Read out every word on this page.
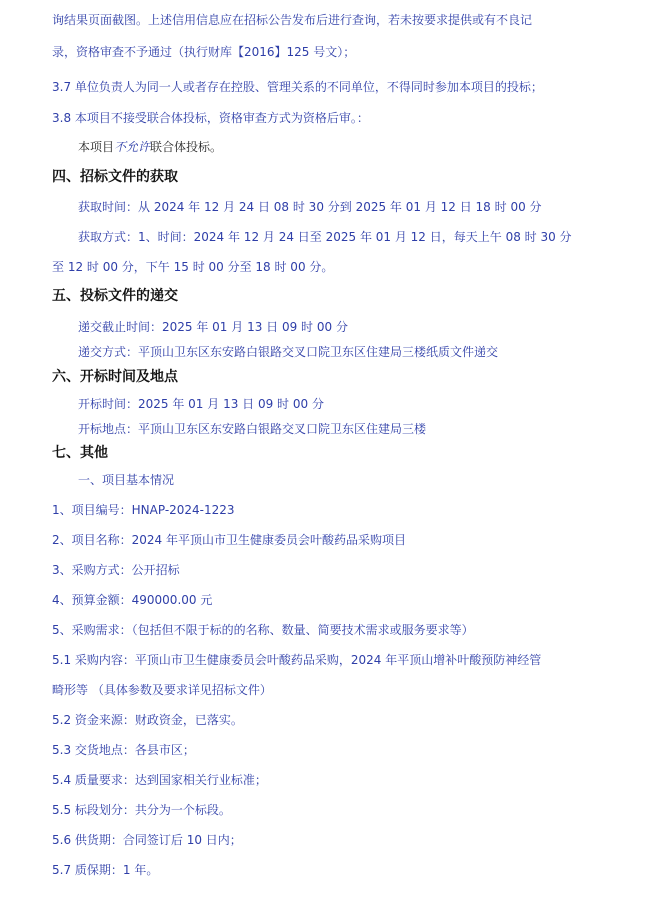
询结果页面截图。上述信用信息应在招标公告发布后进行查询，若未按要求提供或有不良记
录，资格审查不予通过（执行财库【2016】125 号文）；
3.7 单位负责人为同一人或者存在控股、管理关系的不同单位，不得同时参加本项目的投标；
3.8 本项目不接受联合体投标，资格审查方式为资格后审。：
本项目不允许联合体投标。
四、招标文件的获取
获取时间：从 2024 年 12 月 24 日 08 时 30 分到 2025 年 01 月 12 日 18 时 00 分
获取方式：1、时间：2024 年 12 月 24 日至 2025 年 01 月 12 日，每天上午 08 时 30 分
至 12 时 00 分，下午 15 时 00 分至 18 时 00 分。
五、投标文件的递交
递交截止时间：2025 年 01 月 13 日 09 时 00 分
递交方式：平顶山卫东区东安路白银路交叉口院卫东区住建局三楼纸质文件递交
六、开标时间及地点
开标时间：2025 年 01 月 13 日 09 时 00 分
开标地点：平顶山卫东区东安路白银路交叉口院卫东区住建局三楼
七、其他
一、项目基本情况
1、项目编号：HNAP-2024-1223
2、项目名称：2024 年平顶山市卫生健康委员会叶酸药品采购项目
3、采购方式：公开招标
4、预算金额：490000.00 元
5、采购需求：（包括但不限于标的的名称、数量、简要技术需求或服务要求等）
5.1 采购内容：平顶山市卫生健康委员会叶酸药品采购，2024 年平顶山增补叶酸预防神经管
畸形等 （具体参数及要求详见招标文件）
5.2 资金来源：财政资金，已落实。
5.3 交货地点：各县市区；
5.4 质量要求：达到国家相关行业标准；
5.5 标段划分：共分为一个标段。
5.6 供货期：合同签订后 10 日内；
5.7 质保期：1 年。
